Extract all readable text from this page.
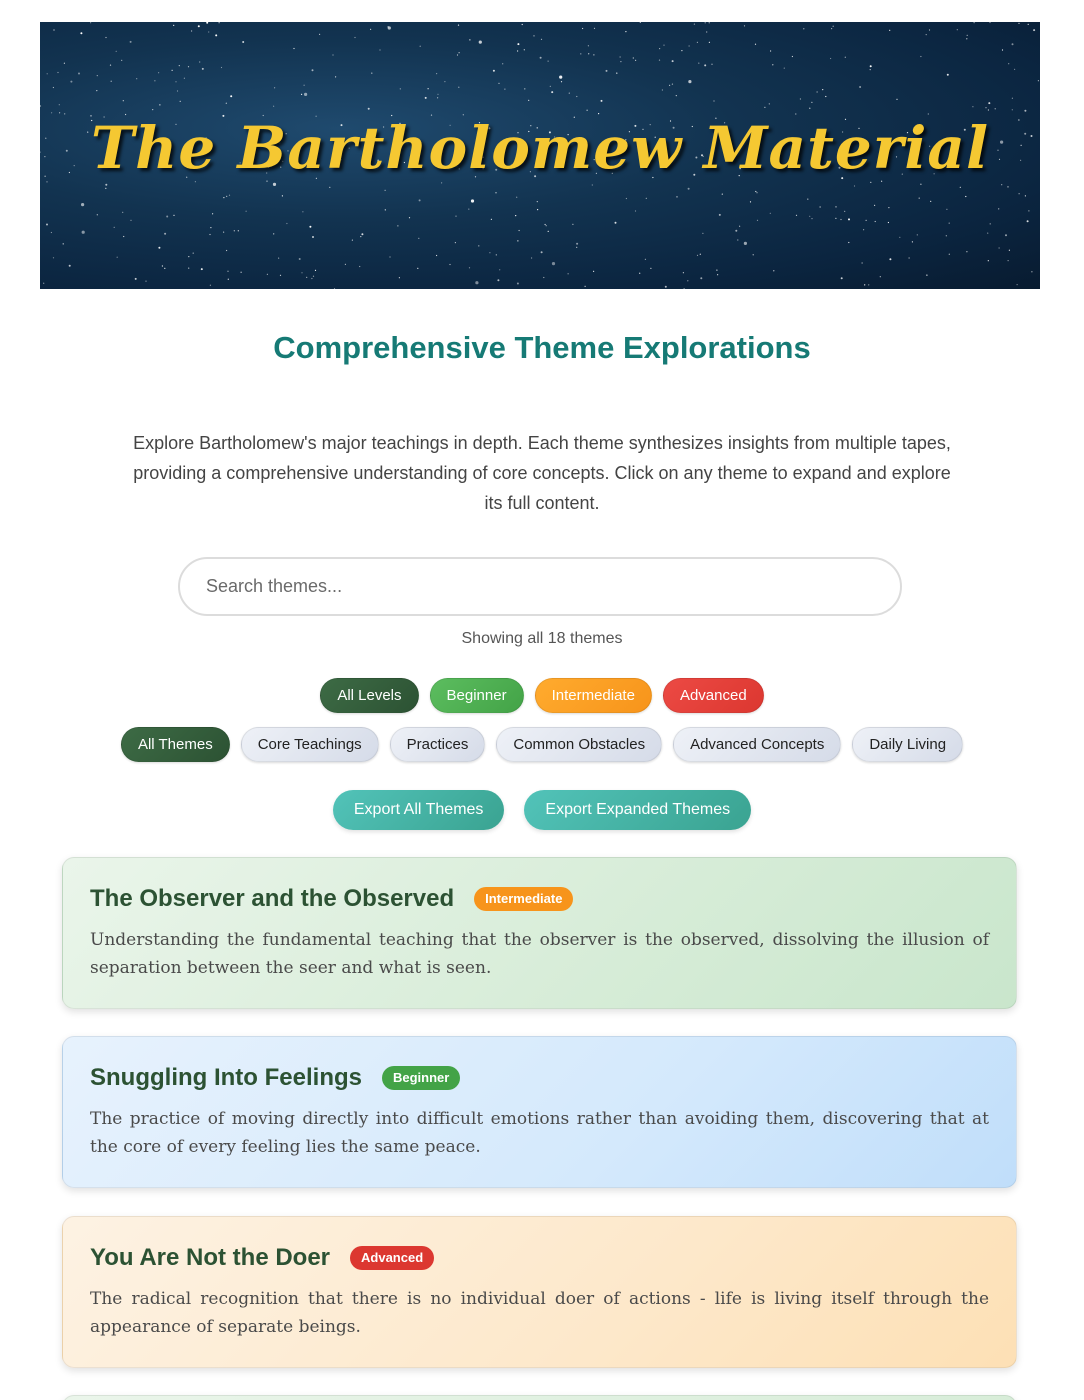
The Bartholomew Material
Comprehensive Theme Explorations

Explore Bartholomew's major teachings in depth. Each theme synthesizes insights from multiple tapes, providing a comprehensive understanding of core concepts. Click on any theme to expand and explore its full content.

Search themes...
Showing all 18 themes
All Levels	Beginner	Intermediate	Advanced
All Themes	Core Teachings	Practices	Common Obstacles	Advanced Concepts	Daily Living
Export All Themes	Export Expanded Themes
The Observer and the Observed	Intermediate

Understanding the fundamental teaching that the observer is the observed, dissolving the illusion of separation between the seer and what is seen.

Snuggling Into Feelings	Beginner

The practice of moving directly into difficult emotions rather than avoiding them, discovering that at the core of every feeling lies the same peace.

You Are Not the Doer	Advanced

The radical recognition that there is no individual doer of actions - life is living itself through the appearance of separate beings.
